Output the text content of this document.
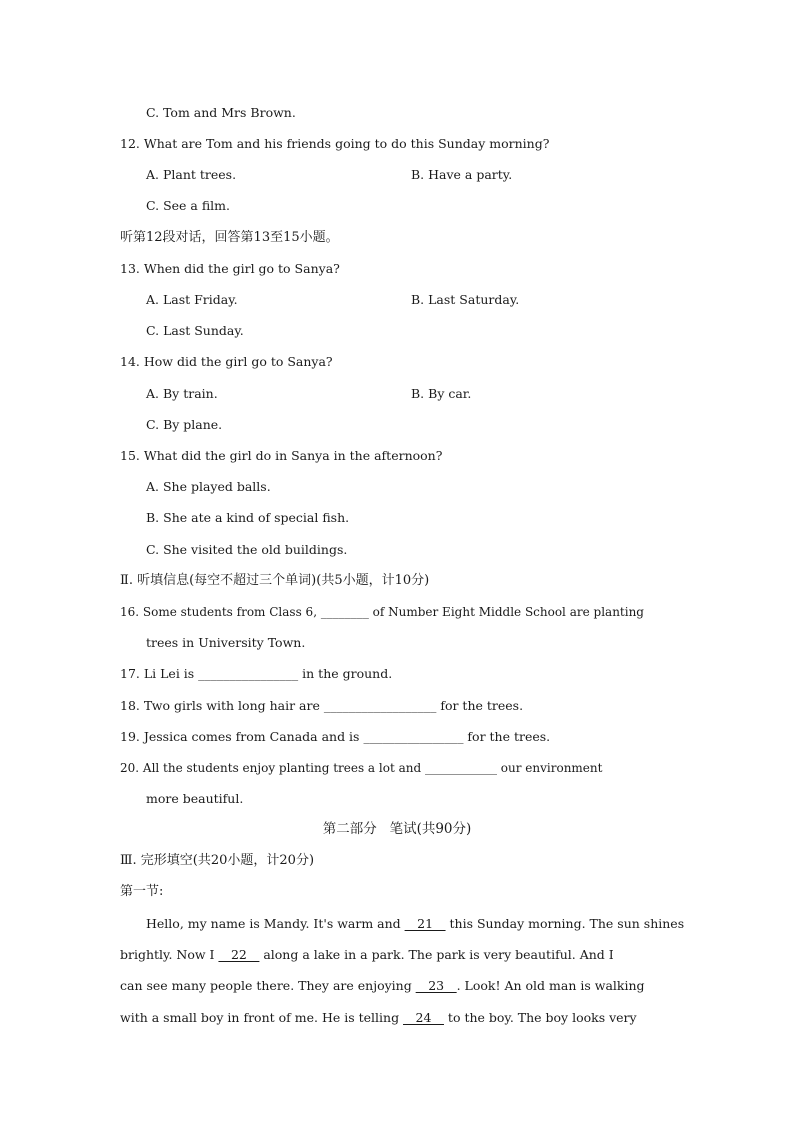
C. Tom and Mrs Brown.
12. What are Tom and his friends going to do this Sunday morning?
A. Plant trees.	B. Have a party.
C. See a film.
听第12段对话，回答第13至15小题。
13. When did the girl go to Sanya?
A. Last Friday.	B. Last Saturday.
C. Last Sunday.
14. How did the girl go to Sanya?
A. By train.	B. By car.
C. By plane.
15. What did the girl do in Sanya in the afternoon?
A. She played balls.
B. She ate a kind of special fish.
C. She visited the old buildings.
Ⅱ. 听填信息(每空不超过三个单词)(共5小题，计10分)
16. Some students from Class 6, ________ of Number Eight Middle School are planting
trees in University Town.
17. Li Lei is ________________ in the ground.
18. Two girls with long hair are __________________ for the trees.
19. Jessica comes from Canada and is ________________ for the trees.
20. All the students enjoy planting trees a lot and ____________ our environment
more beautiful.
第二部分   笔试(共90分)
Ⅲ. 完形填空(共20小题，计20分)
第一节:
Hello, my name is Mandy. It's warm and __21__ this Sunday morning. The sun shines
brightly. Now I __22__ along a lake in a park. The park is very beautiful. And I
can see many people there. They are enjoying __23__. Look! An old man is walking
with a small boy in front of me. He is telling __24__ to the boy. The boy looks very
